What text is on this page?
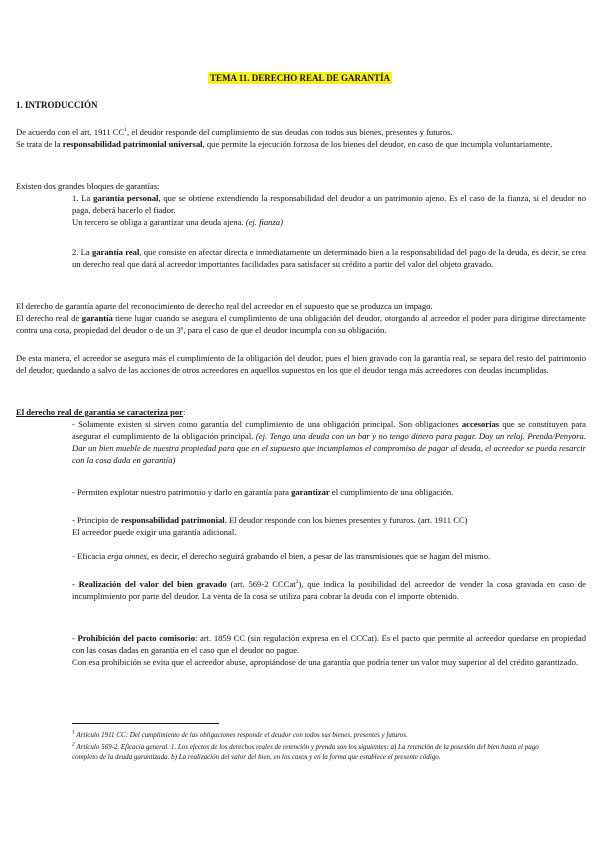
TEMA 11. DERECHO REAL DE GARANTÍA
1. INTRODUCCIÓN

De acuerdo con el art. 1911 $CC^1$, el deudor responde del cumplimiento de sus deudas con todos sus bienes, presentes y futuros.
Se trata de la responsabilidad patrimonial universal, que permite la ejecución forzosa de los bienes del deudor, en caso de que incumpla voluntariamente.

Existen dos grandes bloques de garantías:

1. La garantía personal, que se obtiene extendiendo la responsabilidad del deudor a un patrimonio ajeno. Es el caso de la fianza, si el deudor no paga, deberá hacerlo el fiador.
Un tercero se obliga a garantizar una deuda ajena. (ej. fianza)

2. La garantía real, que consiste en afectar directa e inmediatamente un determinado bien a la responsabilidad del pago de la deuda, es decir, se crea un derecho real que dará al acreedor importantes facilidades para satisfacer su crédito a partir del valor del objeto gravado.

El derecho de garantía aparte del reconocimiento de derecho real del acreedor en el supuesto que se produzca un impago.
El derecho real de garantía tiene lugar cuando se asegura el cumplimiento de una obligación del deudor, otorgando al acreedor el poder para dirigirse directamente contra una cosa, propiedad del deudor o de un 3º, para el caso de que el deudor incumpla con su obligación.

De esta manera, el acreedor se asegura más el cumplimiento de la obligación del deudor, pues el bien gravado con la garantía real, se separa del resto del patrimonio del deudor, quedando a salvo de las acciones de otros acreedores en aquellos supuestos en los que el deudor tenga más acreedores con deudas incumplidas.

El derecho real de garantía se caracteriza por:

- Solamente existen si sirven como garantía del cumplimiento de una obligación principal. Son obligaciones accesorias que se constituyen para asegurar el cumplimiento de la obligación principal. (ej. Tengo una deuda con un bar y no tengo dinero para pagar. Doy un reloj. Prenda/Penyora. Dar un bien mueble de nuestra propiedad para que en el supuesto que incumplamos el compromiso de pagar al deuda, el acreedor se pueda resarcir con la cosa dada en garantía)

- Permiten explotar nuestro patrimonio y darlo en garantía para garantizar el cumplimiento de una obligación.

- Principio de responsabilidad patrimonial. El deudor responde con los bienes presentes y futuros. (art. 1911 CC)
El acreedor puede exigir una garantía adicional.

- Eficacia erga omnes, es decir, el derecho seguirá grabando el bien, a pesar de las transmisiones que se hagan del mismo.

- Realización del valor del bien gravado (art. 569-2 CCCat$^2$), que indica la posibilidad del acreedor de vender la cosa gravada en caso de incumplimiento por parte del deudor. La venta de la cosa se utiliza para cobrar la deuda con el importe obtenido.

- Prohibición del pacto comisorio: art. 1859 CC (sin regulación expresa en el CCCat). Es el pacto que permite al acreedor quedarse en propiedad con las cosas dadas en garantía en el caso que el deudor no pague.
Con esa prohibición se evita que el acreedor abuse, apropiándose de una garantía que podría tener un valor muy superior al del crédito garantizado.

$^1$ Artículo 1911 CC: Del cumplimiento de las obligaciones responde el deudor con todos sus bienes, presentes y futuros.

$^2$ Artículo 569-2. Eficacia general. 1. Los efectos de los derechos reales de retención y prenda son los siguientes: a) La retención de la posesión del bien hasta el pago completo de la deuda garantizada. b) La realización del valor del bien, en los casos y en la forma que establece el presente código.
